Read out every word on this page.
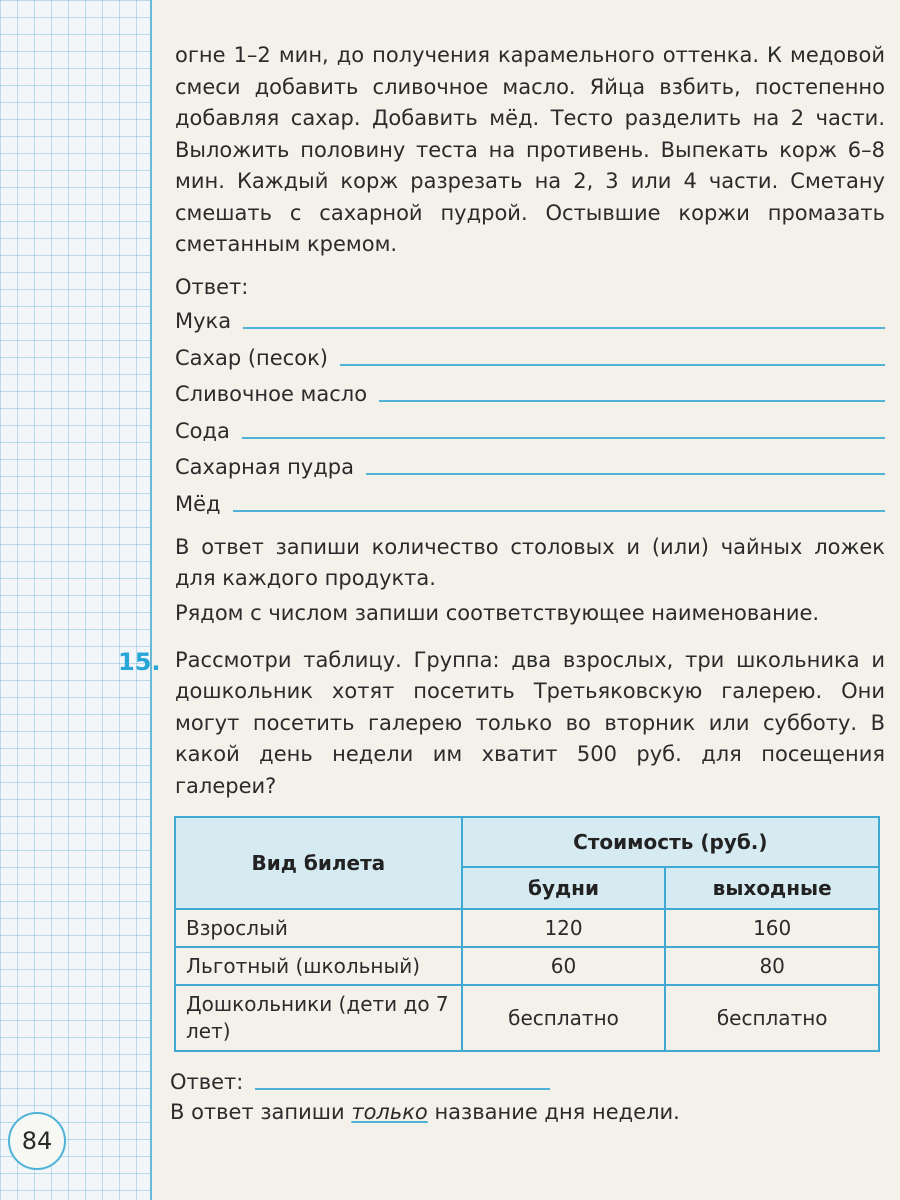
огне 1–2 мин, до получения карамельного оттенка. К медовой смеси добавить сливочное масло. Яйца взбить, постепенно добавляя сахар. Добавить мёд. Тесто разделить на 2 части. Выложить половину теста на противень. Выпекать корж 6–8 мин. Каждый корж разрезать на 2, 3 или 4 части. Сметану смешать с сахарной пудрой. Остывшие коржи промазать сметанным кремом.

Ответ:

Мука
Сахар (песок)
Сливочное масло
Сода
Сахарная пудра
Мёд

В ответ запиши количество столовых и (или) чайных ложек для каждого продукта.

Рядом с числом запиши соответствующее наименование.

Рассмотри таблицу. Группа: два взрослых, три школьника и дошкольник хотят посетить Третьяковскую галерею. Они могут посетить галерею только во вторник или субботу. В какой день недели им хватит 500 руб. для посещения галереи?

15.
Вид билета	Стоимость (руб.)	
	будни	выходные
Взрослый	120	160
Льготный (школьный)	60	80
Дошкольники (дети до 7 лет)	бесплатно	бесплатно
Ответ:
В ответ запиши только название дня недели.
84
